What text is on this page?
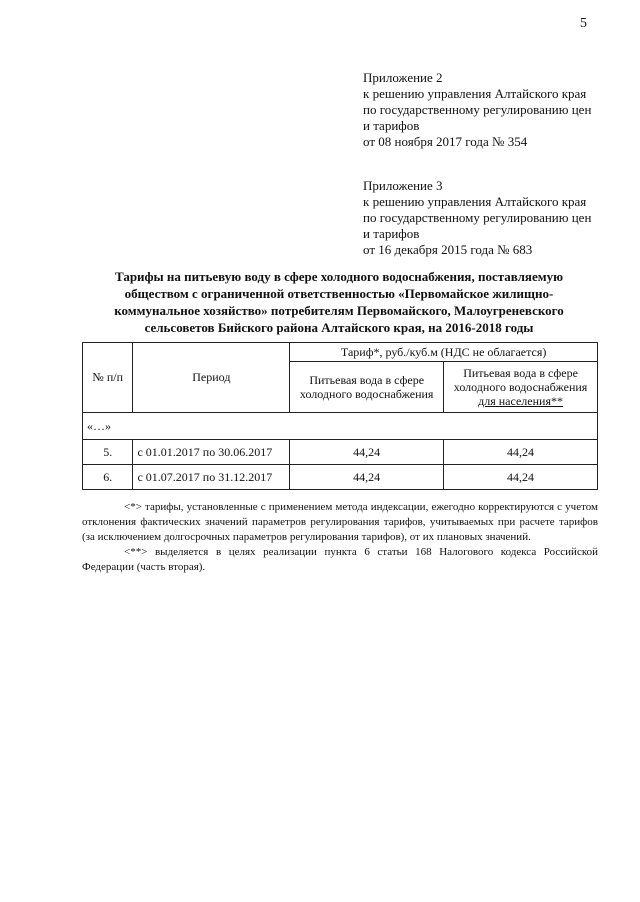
5
Приложение 2
к решению управления Алтайского края
по государственному регулированию цен
и тарифов
от 08 ноября 2017 года № 354
Приложение 3
к решению управления Алтайского края
по государственному регулированию цен
и тарифов
от 16 декабря 2015 года № 683
Тарифы на питьевую воду в сфере холодного водоснабжения, поставляемую
обществом с ограниченной ответственностью «Первомайское жилищно-
коммунальное хозяйство» потребителям Первомайского, Малоугреневского
сельсоветов Бийского района Алтайского края, на 2016-2018 годы
№ п/п	Период	Тариф*, руб./куб.м (НДС не облагается)	
		Питьевая вода в сфере холодного водоснабжения	Питьевая вода в сфере
холодного водоснабжения
для населения**

«…»			
5.	с 01.01.2017 по 30.06.2017	44,24	44,24
6.	с 01.07.2017 по 31.12.2017	44,24	44,24

<*> тарифы, установленные с применением метода индексации, ежегодно корректируются с учетом отклонения фактических значений параметров регулирования тарифов, учитываемых при расчете тарифов (за исключением долгосрочных параметров регулирования тарифов), от их плановых значений.

<**> выделяется в целях реализации пункта 6 статьи 168 Налогового кодекса Российской Федерации (часть вторая).
